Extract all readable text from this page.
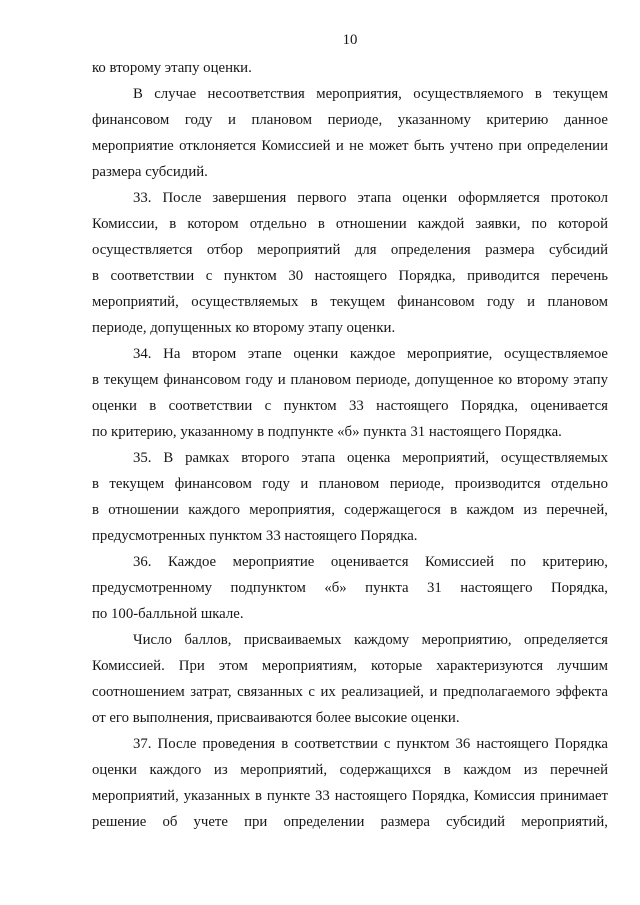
10
ко второму этапу оценки.
В случае несоответствия мероприятия, осуществляемого в текущем
финансовом году и плановом периоде, указанному критерию данное
мероприятие отклоняется Комиссией и не может быть учтено при определении
размера субсидий.
33. После завершения первого этапа оценки оформляется протокол
Комиссии, в котором отдельно в отношении каждой заявки, по которой
осуществляется отбор мероприятий для определения размера субсидий
в соответствии с пунктом 30 настоящего Порядка, приводится перечень
мероприятий, осуществляемых в текущем финансовом году и плановом
периоде, допущенных ко второму этапу оценки.
34. На втором этапе оценки каждое мероприятие, осуществляемое
в текущем финансовом году и плановом периоде, допущенное ко второму этапу
оценки в соответствии с пунктом 33 настоящего Порядка, оценивается
по критерию, указанному в подпункте «б» пункта 31 настоящего Порядка.
35. В рамках второго этапа оценка мероприятий, осуществляемых
в текущем финансовом году и плановом периоде, производится отдельно
в отношении каждого мероприятия, содержащегося в каждом из перечней,
предусмотренных пунктом 33 настоящего Порядка.
36. Каждое мероприятие оценивается Комиссией по критерию,
предусмотренному подпунктом «б» пункта 31 настоящего Порядка,
по 100-балльной шкале.
Число баллов, присваиваемых каждому мероприятию, определяется
Комиссией. При этом мероприятиям, которые характеризуются лучшим
соотношением затрат, связанных с их реализацией, и предполагаемого эффекта
от его выполнения, присваиваются более высокие оценки.
37. После проведения в соответствии с пунктом 36 настоящего Порядка
оценки каждого из мероприятий, содержащихся в каждом из перечней
мероприятий, указанных в пункте 33 настоящего Порядка, Комиссия принимает
решение об учете при определении размера субсидий мероприятий,
